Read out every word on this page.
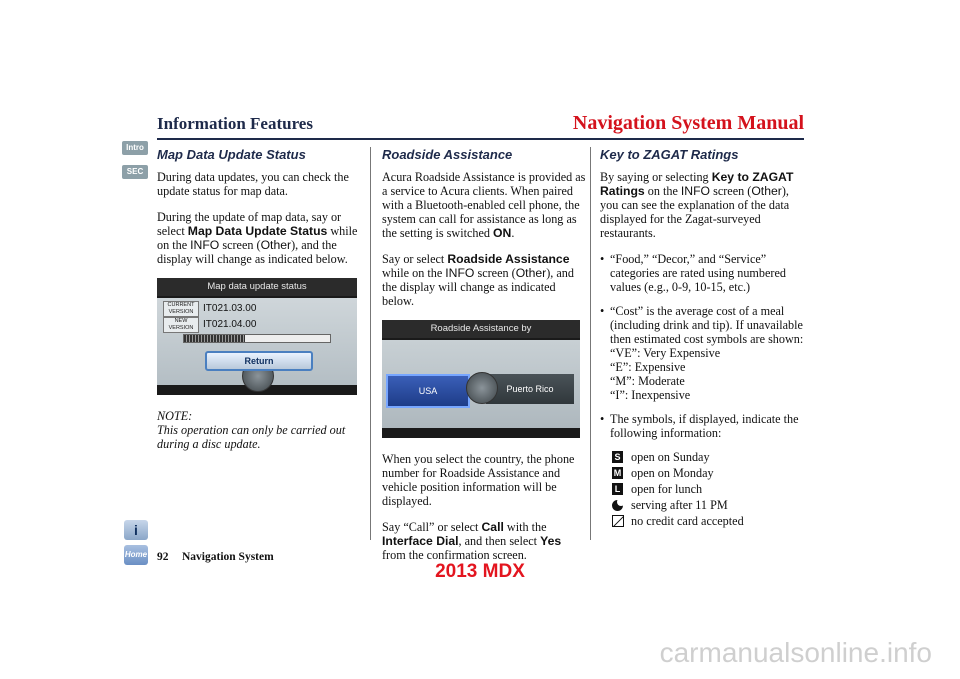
Information Features	Navigation System Manual
Intro
SEC
Map Data Update Status

During data updates, you can check the update status for map data.

During the update of map data, say or select Map Data Update Status while on the INFO screen (Other), and the display will change as indicated below.

Map data update status
CURRENT VERSION IT021.03.00
NEW VERSION IT021.04.00
Return
NOTE:
This operation can only be carried out during a disc update.
Roadside Assistance

Acura Roadside Assistance is provided as a service to Acura clients. When paired with a Bluetooth-enabled cell phone, the system can call for assistance as long as the setting is switched ON.

Say or select Roadside Assistance while on the INFO screen (Other), and the display will change as indicated below.

Roadside Assistance by
USA	Puerto Rico

When you select the country, the phone number for Roadside Assistance and vehicle position information will be displayed.

Say “Call” or select Call with the Interface Dial, and then select Yes from the confirmation screen.

Key to ZAGAT Ratings

By saying or selecting Key to ZAGAT Ratings on the INFO screen (Other), you can see the explanation of the data displayed for the Zagat-surveyed restaurants.

• “Food,” “Decor,” and “Service” categories are rated using numbered values (e.g., 0-9, 10-15, etc.)
• “Cost” is the average cost of a meal (including drink and tip). If unavailable then estimated cost symbols are shown:
“VE”: Very Expensive
“E”: Expensive
“M”: Moderate
“I”: Inexpensive
• The symbols, if displayed, indicate the following information:
S open on Sunday
M open on Monday
L open for lunch
serving after 11 PM
no credit card accepted
i
Home 92 Navigation System
2013 MDX
carmanualsonline.info
